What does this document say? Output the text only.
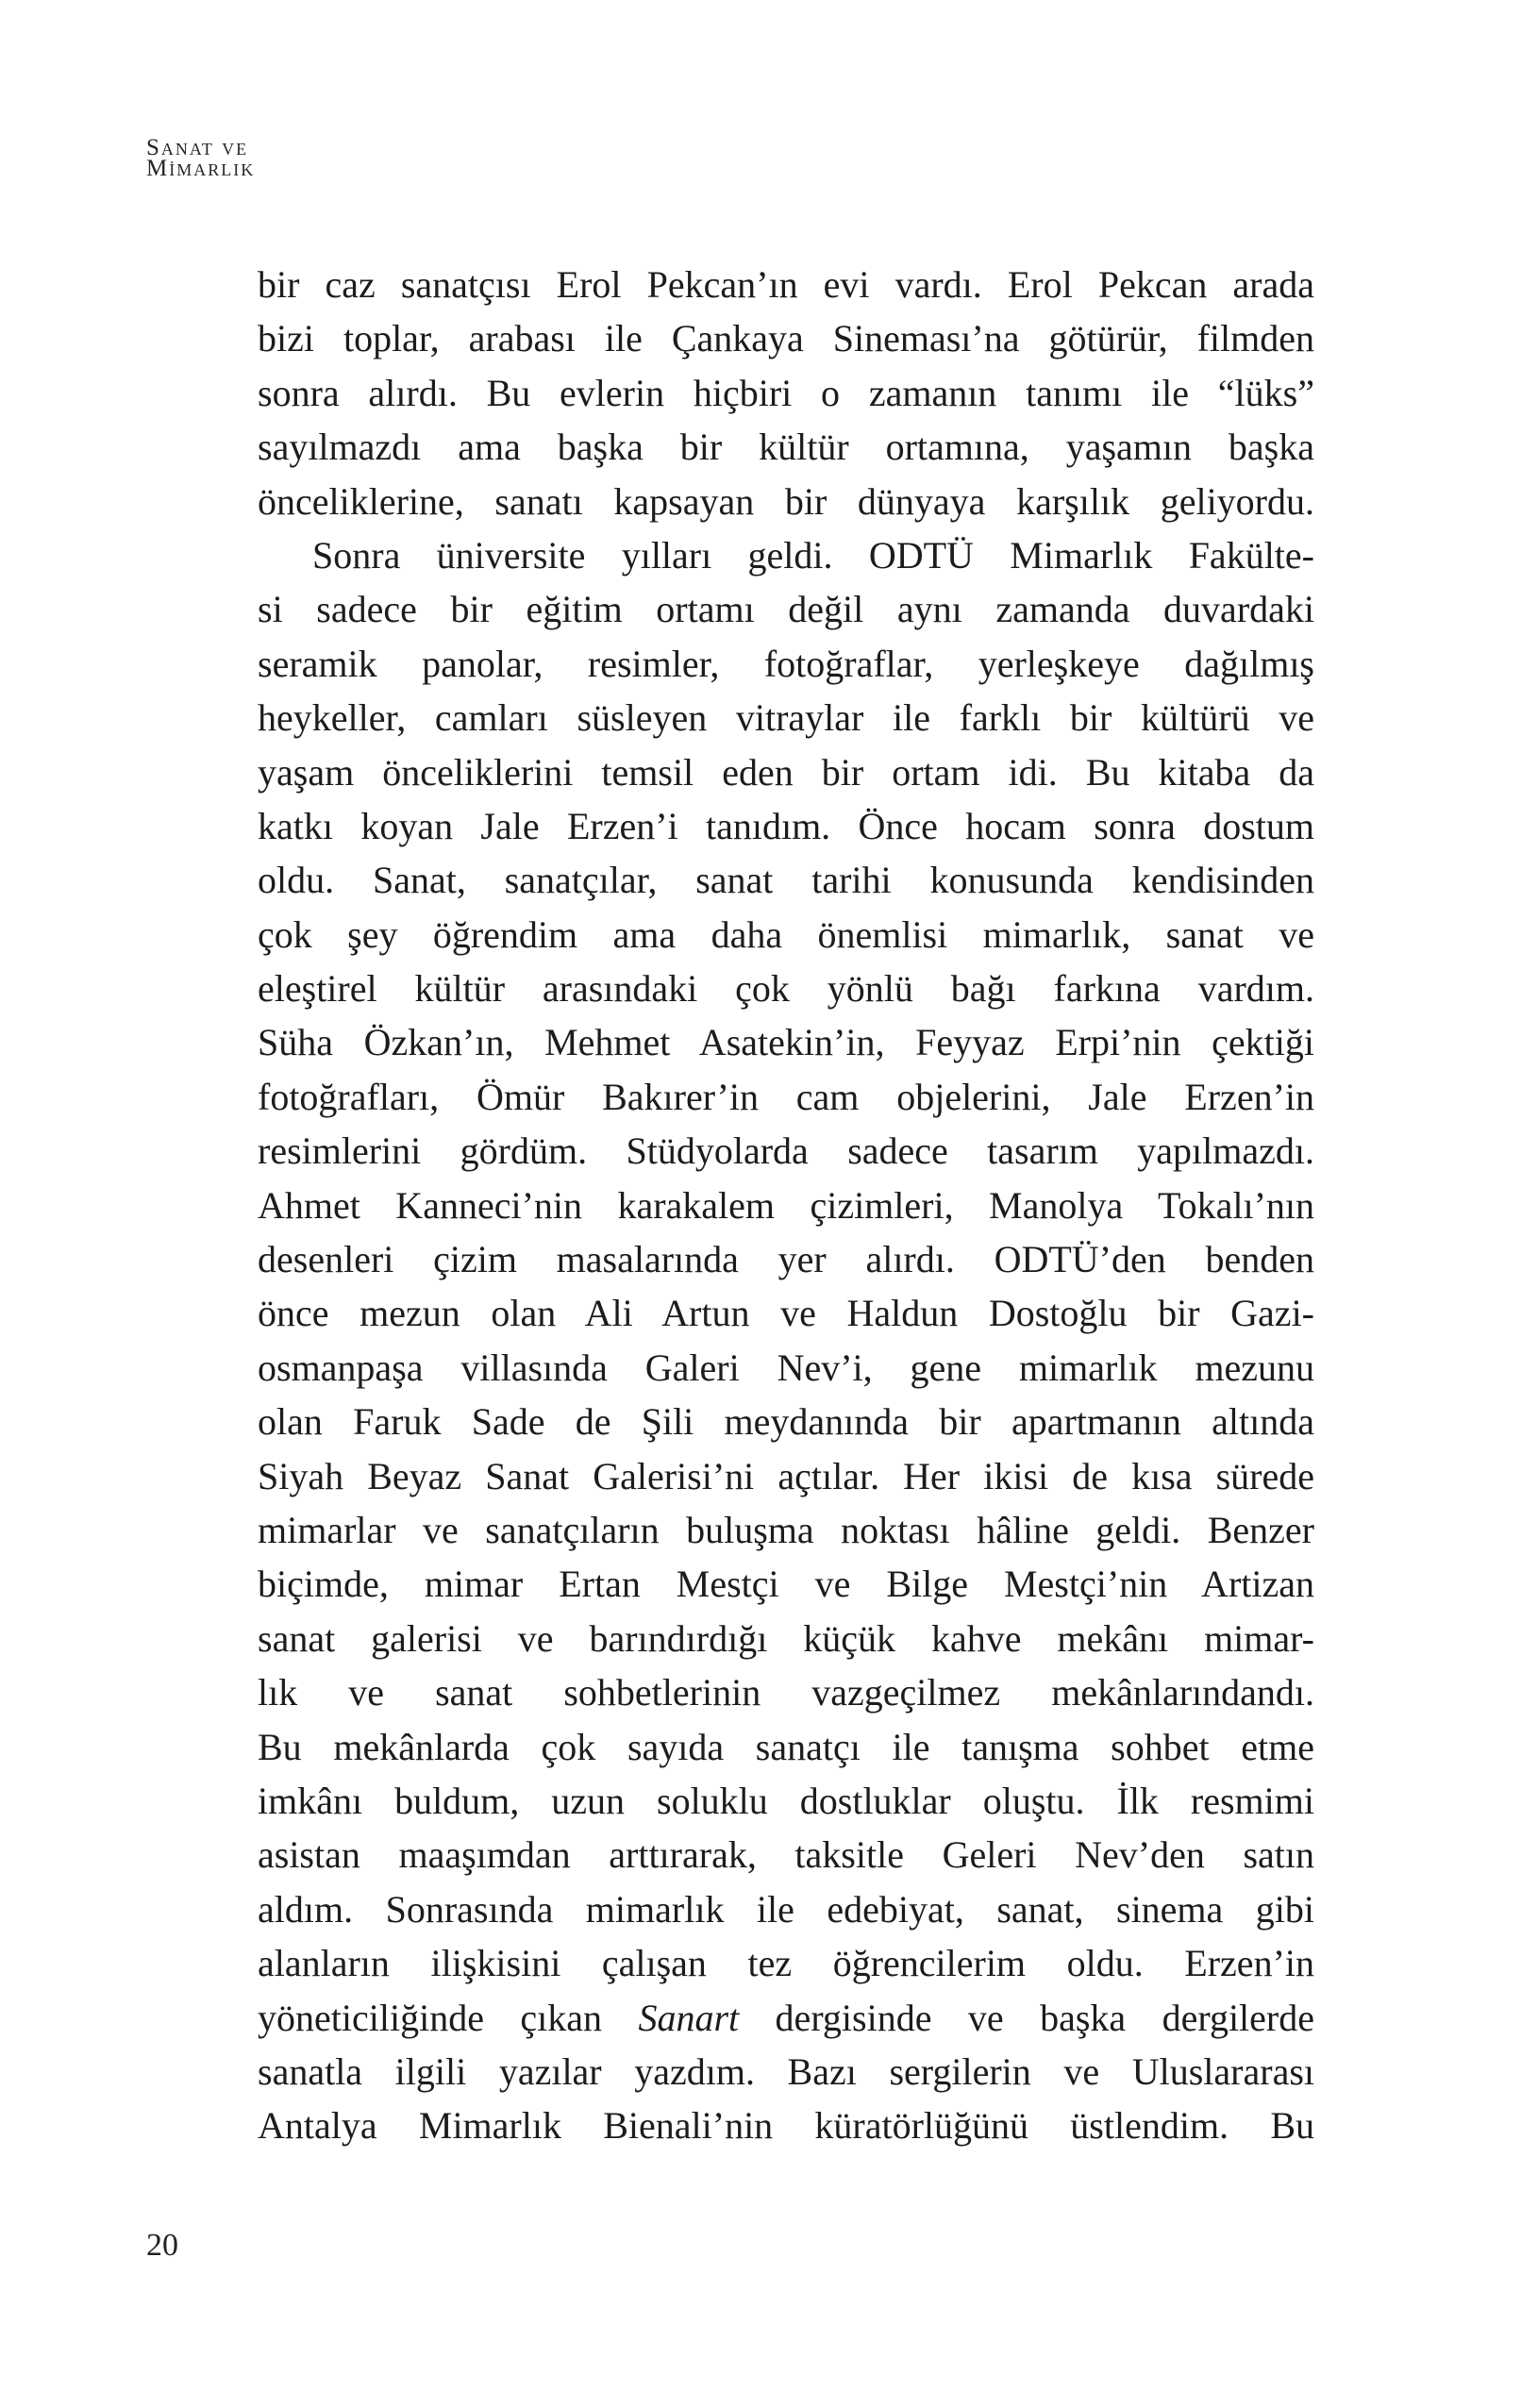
Sanat ve
Mimarlık
bir caz sanatçısı Erol Pekcan’ın evi vardı. Erol Pekcan arada
bizi toplar, arabası ile Çankaya Sineması’na götürür, filmden
sonra alırdı. Bu evlerin hiçbiri o zamanın tanımı ile “lüks”
sayılmazdı ama başka bir kültür ortamına, yaşamın başka
önceliklerine, sanatı kapsayan bir dünyaya karşılık geliyordu.
Sonra üniversite yılları geldi. ODTÜ Mimarlık Fakülte-
si sadece bir eğitim ortamı değil aynı zamanda duvardaki
seramik panolar, resimler, fotoğraflar, yerleşkeye dağılmış
heykeller, camları süsleyen vitraylar ile farklı bir kültürü ve
yaşam önceliklerini temsil eden bir ortam idi. Bu kitaba da
katkı koyan Jale Erzen’i tanıdım. Önce hocam sonra dostum
oldu. Sanat, sanatçılar, sanat tarihi konusunda kendisinden
çok şey öğrendim ama daha önemlisi mimarlık, sanat ve
eleştirel kültür arasındaki çok yönlü bağı farkına vardım.
Süha Özkan’ın, Mehmet Asatekin’in, Feyyaz Erpi’nin çektiği
fotoğrafları, Ömür Bakırer’in cam objelerini, Jale Erzen’in
resimlerini gördüm. Stüdyolarda sadece tasarım yapılmazdı.
Ahmet Kanneci’nin karakalem çizimleri, Manolya Tokalı’nın
desenleri çizim masalarında yer alırdı. ODTÜ’den benden
önce mezun olan Ali Artun ve Haldun Dostoğlu bir Gazi-
osmanpaşa villasında Galeri Nev’i, gene mimarlık mezunu
olan Faruk Sade de Şili meydanında bir apartmanın altında
Siyah Beyaz Sanat Galerisi’ni açtılar. Her ikisi de kısa sürede
mimarlar ve sanatçıların buluşma noktası hâline geldi. Benzer
biçimde, mimar Ertan Mestçi ve Bilge Mestçi’nin Artizan
sanat galerisi ve barındırdığı küçük kahve mekânı mimar-
lık ve sanat sohbetlerinin vazgeçilmez mekânlarındandı.
Bu mekânlarda çok sayıda sanatçı ile tanışma sohbet etme
imkânı buldum, uzun soluklu dostluklar oluştu. İlk resmimi
asistan maaşımdan arttırarak, taksitle Geleri Nev’den satın
aldım. Sonrasında mimarlık ile edebiyat, sanat, sinema gibi
alanların ilişkisini çalışan tez öğrencilerim oldu. Erzen’in
yöneticiliğinde çıkan Sanart dergisinde ve başka dergilerde
sanatla ilgili yazılar yazdım. Bazı sergilerin ve Uluslararası
Antalya Mimarlık Bienali’nin küratörlüğünü üstlendim. Bu
20
